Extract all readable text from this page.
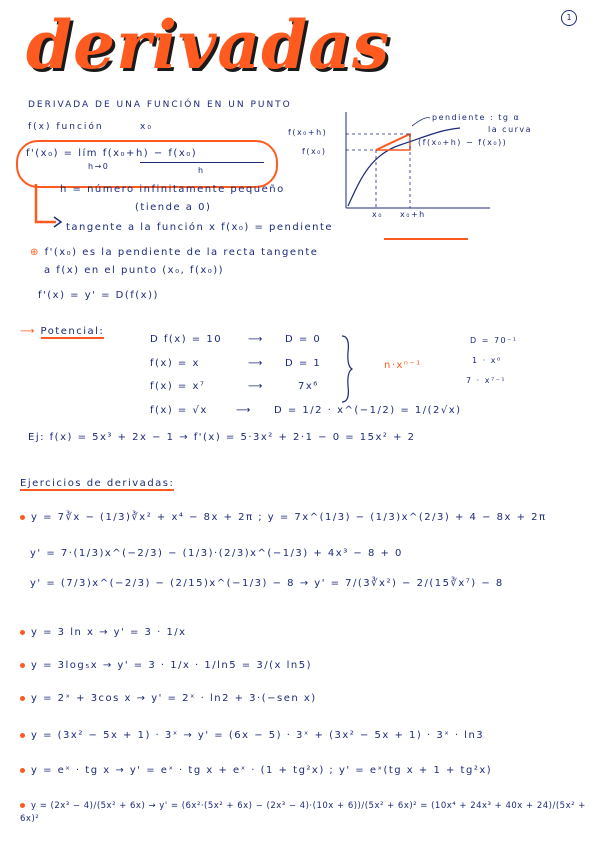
derivadas	1
DERIVADA DE UNA FUNCIÓN EN UN PUNTO
f(x) función	x₀
f'(x₀) = lím f(x₀+h) − f(x₀)
h→0	h
h = número infinitamente pequeño
(tiende a 0)
tangente a la función x f(x₀) = pendiente
⊕ f'(x₀) es la pendiente de la recta tangente
a f(x) en el punto (x₀, f(x₀))
f'(x) = y' = D(f(x))
f(x₀+h)
f(x₀)
x₀ x₀+h
pendiente : tg α
la curva
(f(x₀+h) − f(x₀))
⟶ Potencial:
D f(x) = 10	⟶ D = 0
f(x) = x	⟶ D = 1
f(x) = x⁷	⟶	7x⁶
f(x) = √x	⟶ D = 1/2 · x^(−1/2) = 1/(2√x)
n·xⁿ⁻¹
D = 70⁻¹
1 · x⁰
7 · x⁷⁻¹
Ej: f(x) = 5x³ + 2x − 1 → f'(x) = 5·3x² + 2·1 − 0 = 15x² + 2
Ejercicios de derivadas:
y = 7∛x − (1/3)∛x² + x⁴ − 8x + 2π ; y = 7x^(1/3) − (1/3)x^(2/3) + 4 − 8x + 2π
y' = 7·(1/3)x^(−2/3) − (1/3)·(2/3)x^(−1/3) + 4x³ − 8 + 0
y' = (7/3)x^(−2/3) − (2/15)x^(−1/3) − 8 → y' = 7/(3∛x²) − 2/(15∛x⁷) − 8
y = 3 ln x → y' = 3 · 1/x
y = 3log₅x → y' = 3 · 1/x · 1/ln5 = 3/(x ln5)
y = 2ˣ + 3cos x → y' = 2ˣ · ln2 + 3·(−sen x)
y = (3x² − 5x + 1) · 3ˣ → y' = (6x − 5) · 3ˣ + (3x² − 5x + 1) · 3ˣ · ln3
y = eˣ · tg x → y' = eˣ · tg x + eˣ · (1 + tg²x) ; y' = eˣ(tg x + 1 + tg²x)
y = (2x³ − 4)/(5x² + 6x) → y' = (6x²·(5x² + 6x) − (2x³ − 4)·(10x + 6))/(5x² + 6x)² = (10x⁴ + 24x³ + 40x + 24)/(5x² + 6x)²
